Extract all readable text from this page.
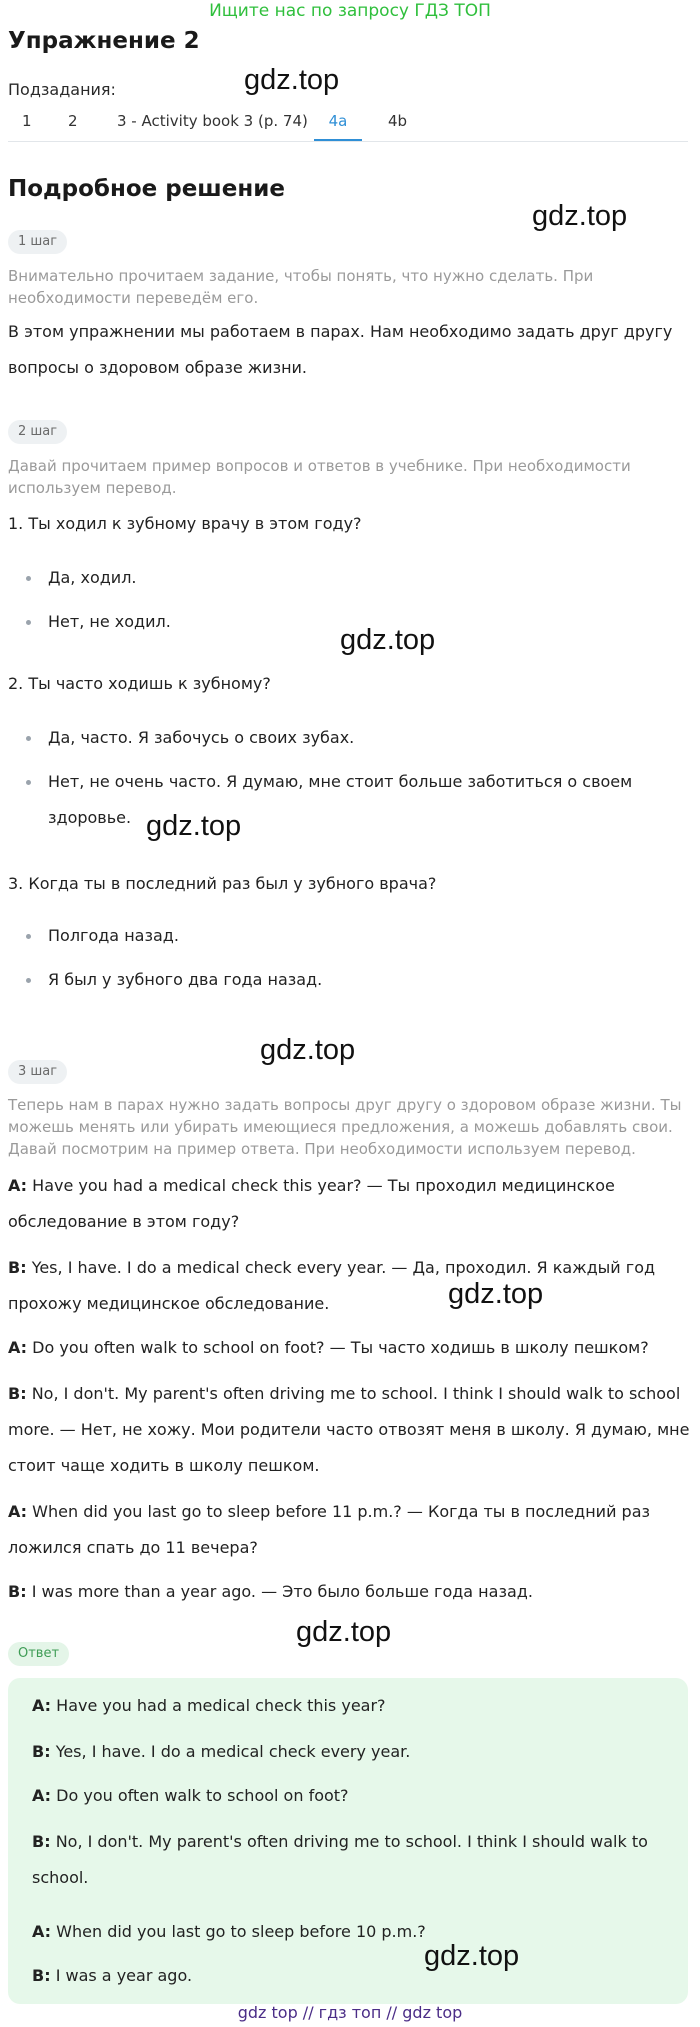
Ищите нас по запросу ГДЗ ТОП
Упражнение 2
Подзадания:
1 2	3 - Activity book 3 (p. 74)	4a	4b
Подробное решение
1 шаг
Внимательно прочитаем задание, чтобы понять, что нужно сделать. При необходимости переведём его.
В этом упражнении мы работаем в парах. Нам необходимо задать друг другу вопросы о здоровом образе жизни.
2 шаг
Давай прочитаем пример вопросов и ответов в учебнике. При необходимости используем перевод.
1. Ты ходил к зубному врачу в этом году?
Да, ходил.
Нет, не ходил.
2. Ты часто ходишь к зубному?
Да, часто. Я забочусь о своих зубах.
Нет, не очень часто. Я думаю, мне стоит больше заботиться о своем здоровье.
3. Когда ты в последний раз был у зубного врача?
Полгода назад.
Я был у зубного два года назад.
3 шаг
Теперь нам в парах нужно задать вопросы друг другу о здоровом образе жизни. Ты можешь менять или убирать имеющиеся предложения, а можешь добавлять свои. Давай посмотрим на пример ответа. При необходимости используем перевод.
A: Have you had a medical check this year? — Ты проходил медицинское обследование в этом году?
B: Yes, I have. I do a medical check every year. — Да, проходил. Я каждый год прохожу медицинское обследование.
A: Do you often walk to school on foot? — Ты часто ходишь в школу пешком?
B: No, I don't. My parent's often driving me to school. I think I should walk to school more. — Нет, не хожу. Мои родители часто отвозят меня в школу. Я думаю, мне стоит чаще ходить в школу пешком.
A: When did you last go to sleep before 11 p.m.? — Когда ты в последний раз ложился спать до 11 вечера?
B: I was more than a year ago. — Это было больше года назад.
Ответ
A: Have you had a medical check this year?
B: Yes, I have. I do a medical check every year.
A: Do you often walk to school on foot?
B: No, I don't. My parent's often driving me to school. I think I should walk to school.
A: When did you last go to sleep before 10 p.m.?
B: I was a year ago.
gdz.top
gdz.top
gdz.top
gdz.top
gdz.top
gdz.top
gdz.top
gdz.top
gdz top // гдз топ // gdz top
